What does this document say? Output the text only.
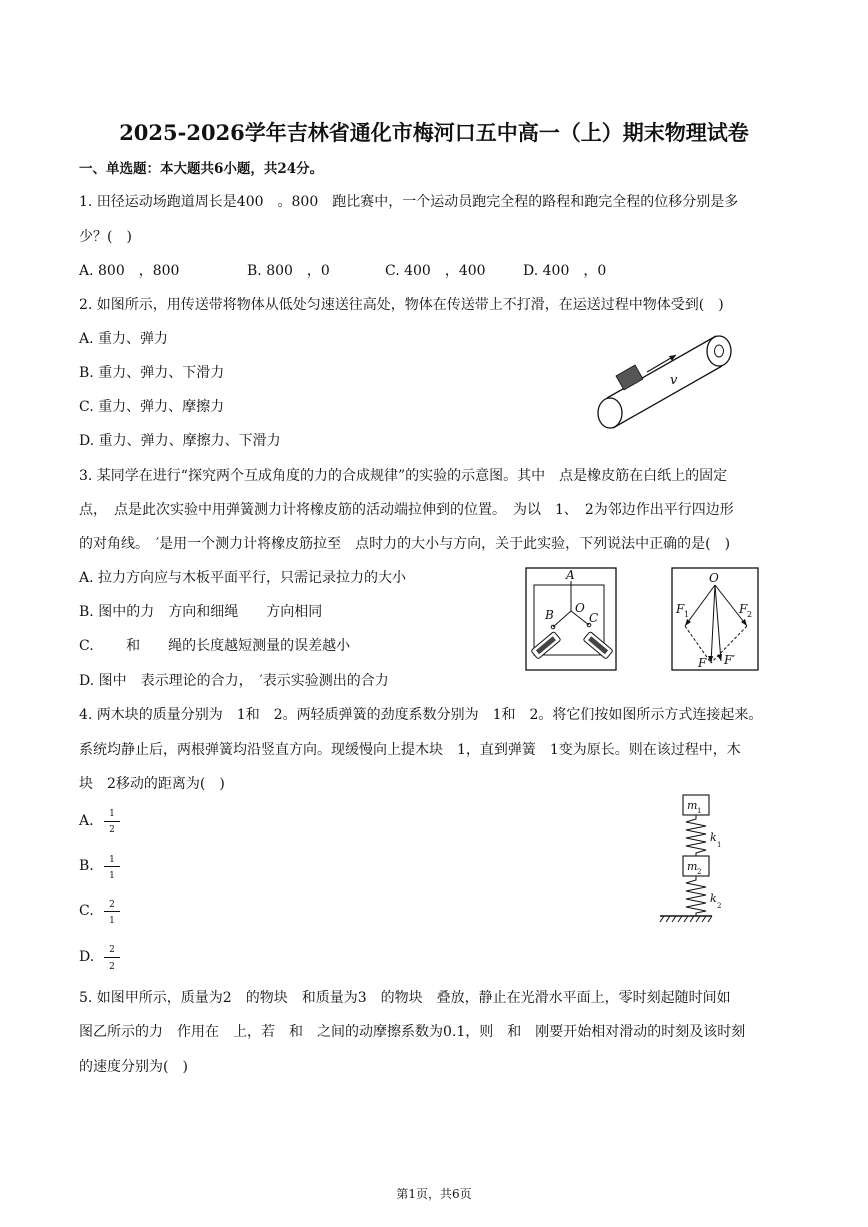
2025-2026学年吉林省通化市梅河口五中高一（上）期末物理试卷
一、单选题：本大题共6小题，共24分。
1. 田径运动场跑道周长是400　。800　跑比赛中，一个运动员跑完全程的路程和跑完全程的位移分别是多
少？(　)
A. 800　，800	B. 800　，0	C. 400　，400	D. 400　，0
2. 如图所示，用传送带将物体从低处匀速送往高处，物体在传送带上不打滑，在运送过程中物体受到(　)
A. 重力、弹力
B. 重力、弹力、下滑力
C. 重力、弹力、摩擦力
D. 重力、弹力、摩擦力、下滑力
v
3. 某同学在进行“探究两个互成角度的力的合成规律”的实验的示意图。其中　点是橡皮筋在白纸上的固定
点，　点是此次实验中用弹簧测力计将橡皮筋的活动端拉伸到的位置。　为以　1、　2为邻边作出平行四边形
的对角线。　′是用一个测力计将橡皮筋拉至　点时力的大小与方向，关于此实验，下列说法中正确的是(　)
A. 拉力方向应与木板平面平行，只需记录拉力的大小
B. 图中的力　方向和细绳　　方向相同
C. 　　和　　绳的长度越短测量的误差越小
D. 图中　表示理论的合力，　′表示实验测出的合力
A
B	C
O
O
F 1	F 2
F F′
4. 两木块的质量分别为　1和　2。两轻质弹簧的劲度系数分别为　1和　2。将它们按如图所示方式连接起来。
系统均静止后，两根弹簧均沿竖直方向。现缓慢向上提木块　1，直到弹簧　1变为原长。则在该过程中，木
块　2移动的距离为(　)
A.	1
2
B.	1
1
C.	2
1
D.	2
2
m 1
m 2
k
1
k
2
5. 如图甲所示，质量为2　的物块　和质量为3　的物块　叠放，静止在光滑水平面上，零时刻起随时间如
图乙所示的力　作用在　上，若　和　之间的动摩擦系数为0.1，则　和　刚要开始相对滑动的时刻及该时刻
的速度分别为(　)
第1页，共6页
